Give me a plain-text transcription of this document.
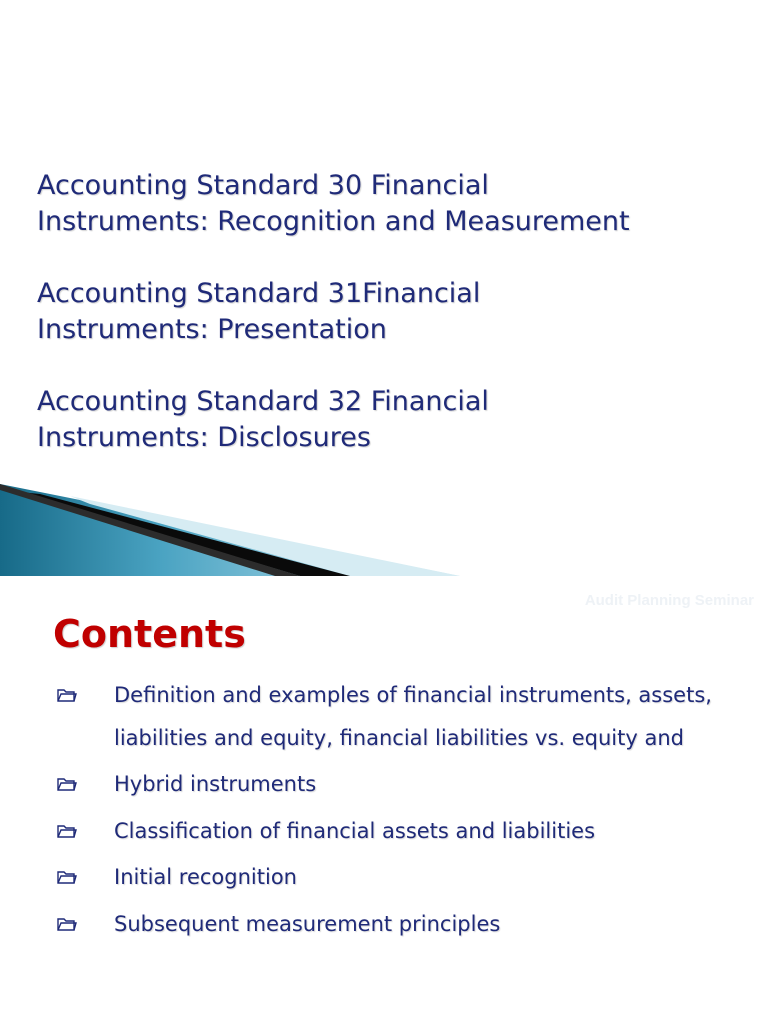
Accounting Standard 30 Financial
Instruments: Recognition and Measurement
Accounting Standard 31Financial
Instruments: Presentation
Accounting Standard 32 Financial
Instruments: Disclosures
Audit Planning Seminar
Contents
Definition and examples of financial instruments, assets, liabilities and equity, financial liabilities vs. equity and
Hybrid instruments
Classification of financial assets and liabilities
Initial recognition
Subsequent measurement principles
